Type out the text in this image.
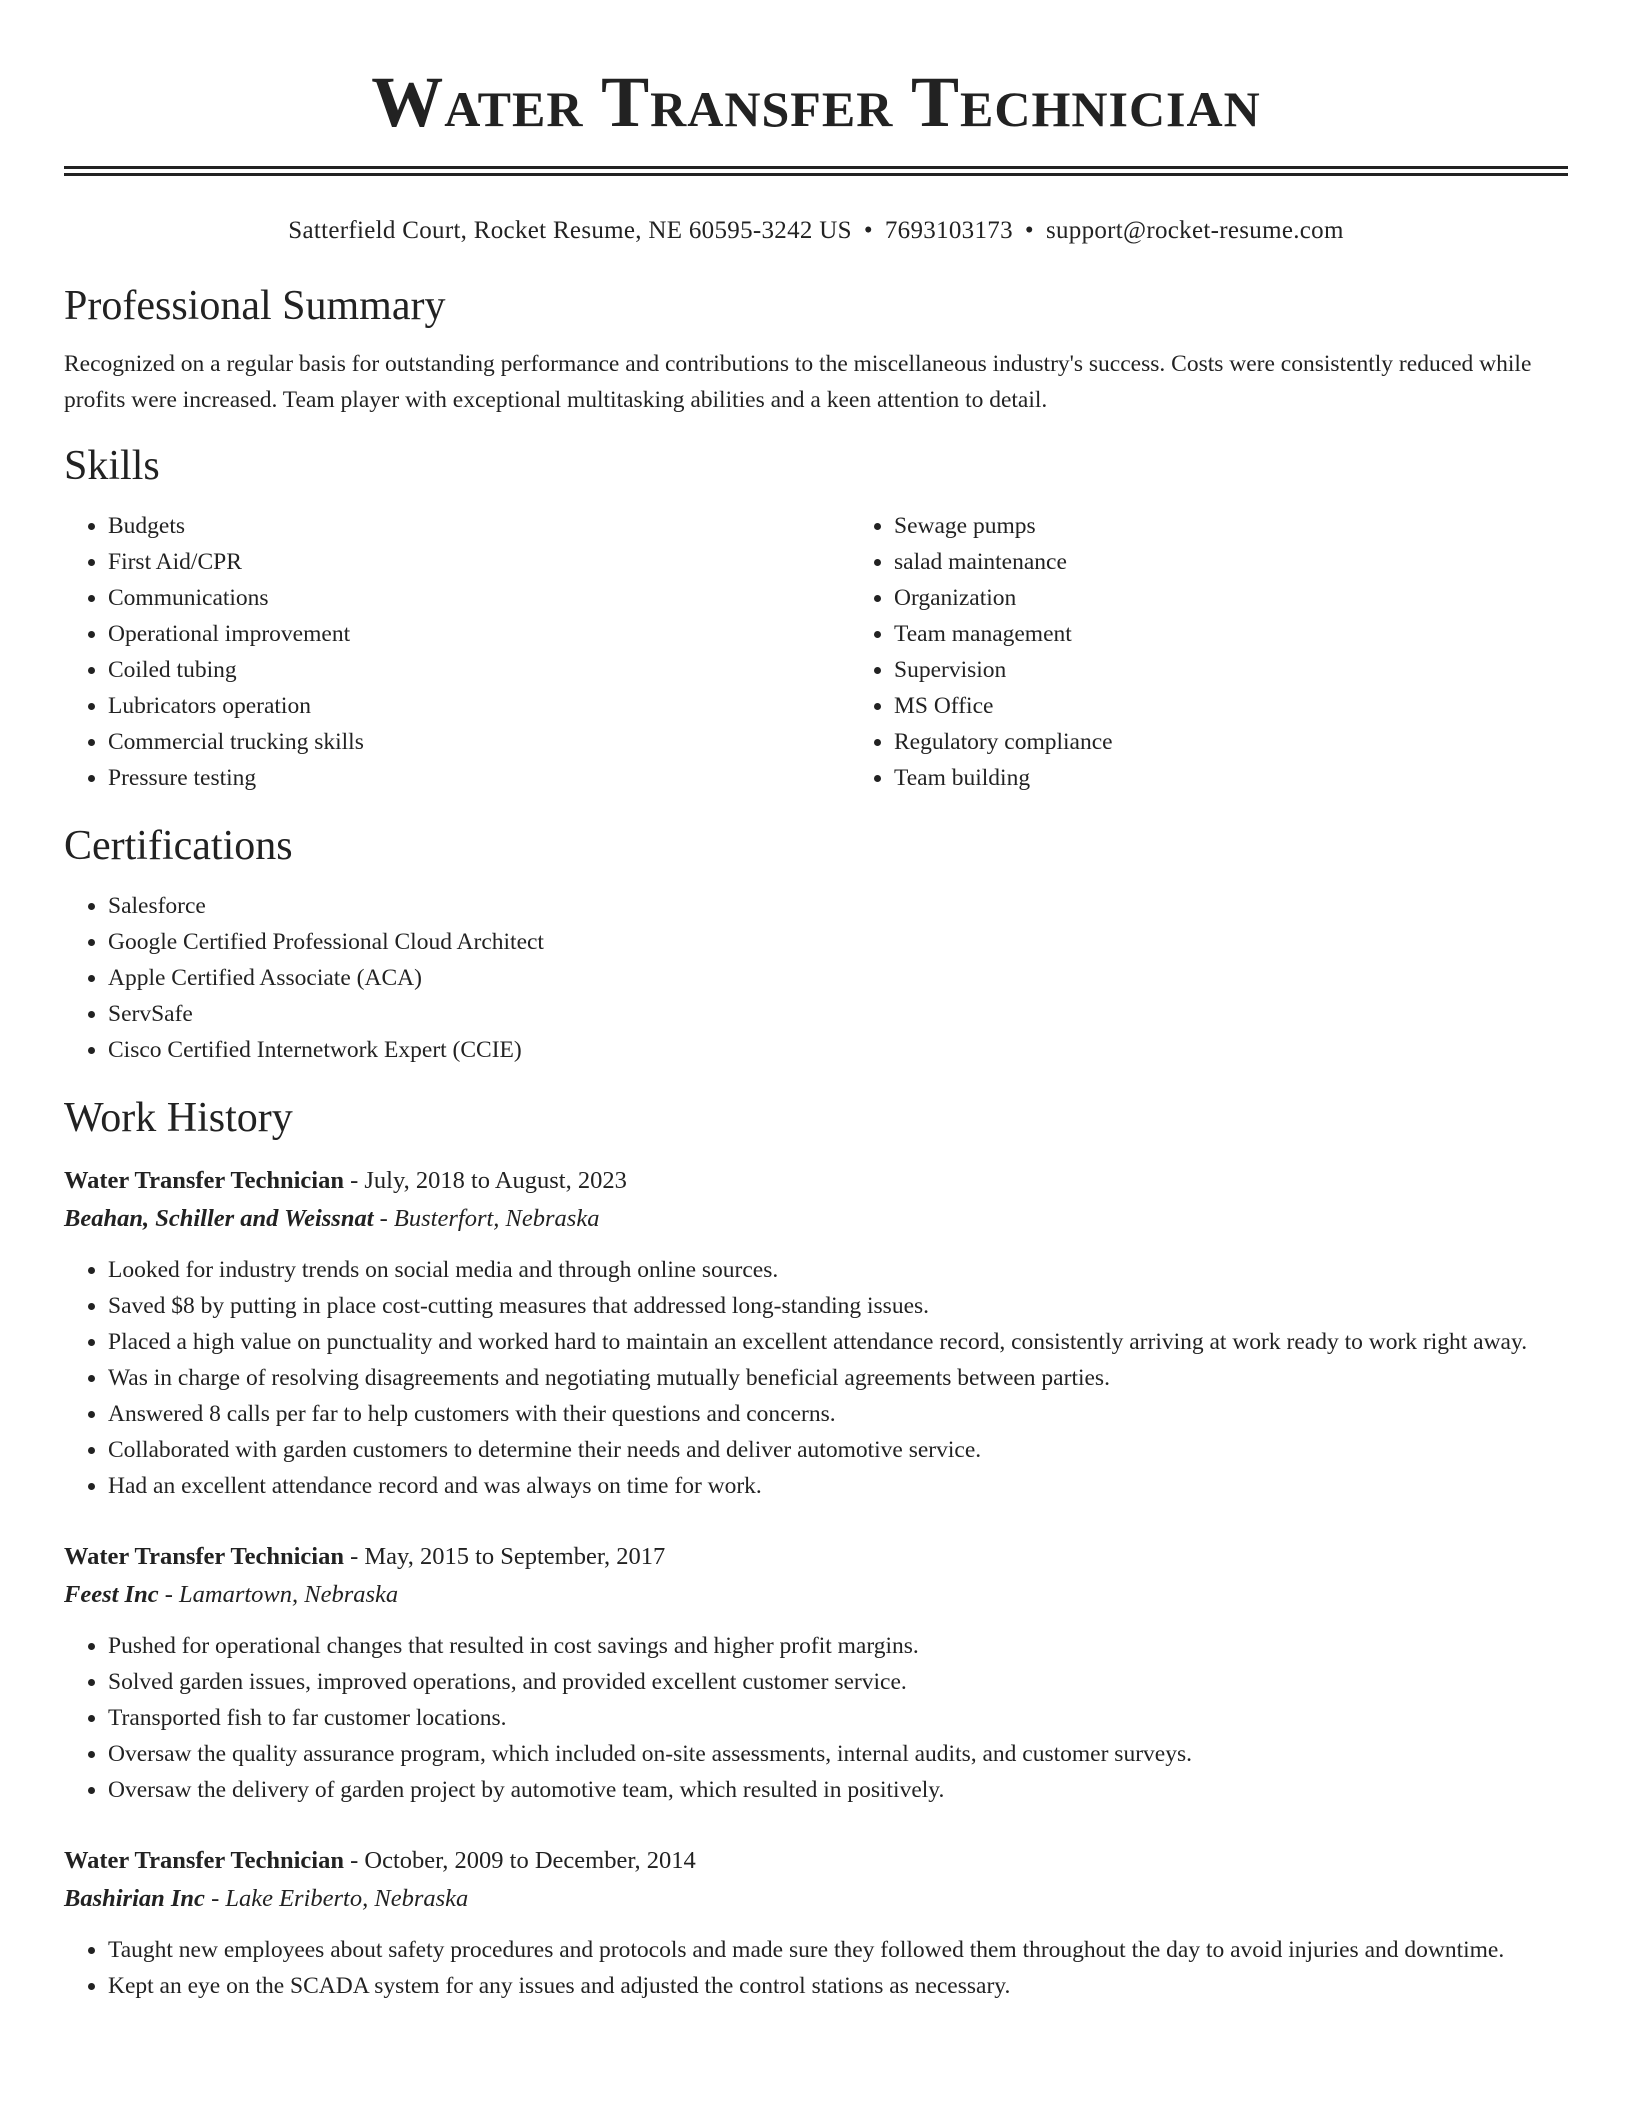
Water Transfer Technician
Satterfield Court, Rocket Resume, NE 60595-3242 US • 7693103173 • support@rocket-resume.com
Professional Summary

Recognized on a regular basis for outstanding performance and contributions to the miscellaneous industry's success. Costs were consistently reduced while profits were increased. Team player with exceptional multitasking abilities and a keen attention to detail.

Skills
• Budgets
• First Aid/CPR
• Communications
• Operational improvement
• Coiled tubing
• Lubricators operation
• Commercial trucking skills
• Pressure testing
• Sewage pumps
• salad maintenance
• Organization
• Team management
• Supervision
• MS Office
• Regulatory compliance
• Team building
Certifications
• Salesforce
• Google Certified Professional Cloud Architect
• Apple Certified Associate (ACA)
• ServSafe
• Cisco Certified Internetwork Expert (CCIE)
Work History
Water Transfer Technician - July, 2018 to August, 2023
Beahan, Schiller and Weissnat - Busterfort, Nebraska
• Looked for industry trends on social media and through online sources.
• Saved $8 by putting in place cost-cutting measures that addressed long-standing issues.
• Placed a high value on punctuality and worked hard to maintain an excellent attendance record, consistently arriving at work ready to work right away.
• Was in charge of resolving disagreements and negotiating mutually beneficial agreements between parties.
• Answered 8 calls per far to help customers with their questions and concerns.
• Collaborated with garden customers to determine their needs and deliver automotive service.
• Had an excellent attendance record and was always on time for work.
Water Transfer Technician - May, 2015 to September, 2017
Feest Inc - Lamartown, Nebraska
• Pushed for operational changes that resulted in cost savings and higher profit margins.
• Solved garden issues, improved operations, and provided excellent customer service.
• Transported fish to far customer locations.
• Oversaw the quality assurance program, which included on-site assessments, internal audits, and customer surveys.
• Oversaw the delivery of garden project by automotive team, which resulted in positively.
Water Transfer Technician - October, 2009 to December, 2014
Bashirian Inc - Lake Eriberto, Nebraska
• Taught new employees about safety procedures and protocols and made sure they followed them throughout the day to avoid injuries and downtime.
• Kept an eye on the SCADA system for any issues and adjusted the control stations as necessary.
